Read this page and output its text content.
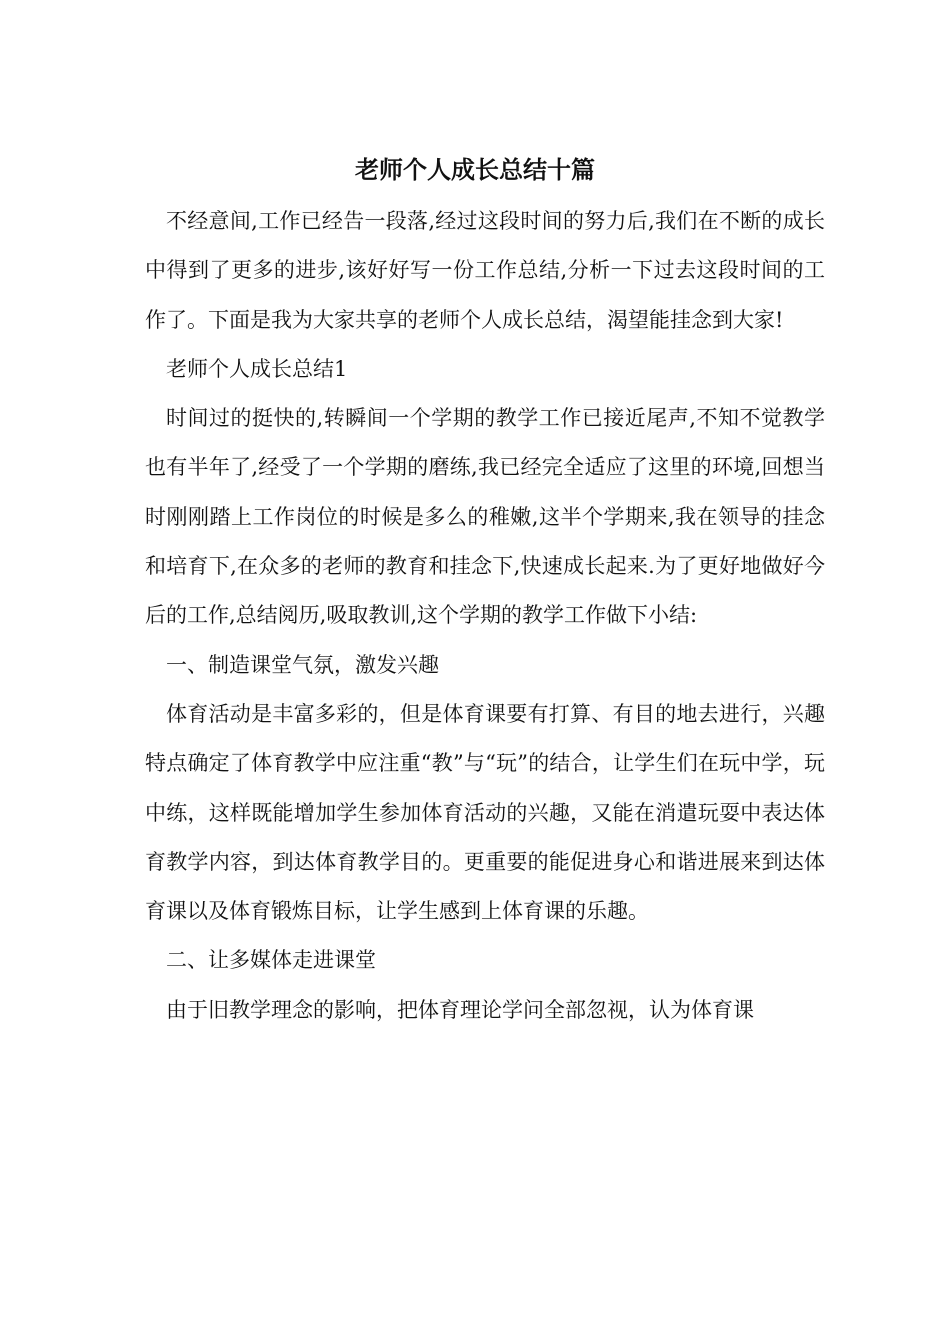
老师个人成长总结十篇

不经意间,工作已经告一段落,经过这段时间的努力后,我们在不断的成长中得到了更多的进步,该好好写一份工作总结,分析一下过去这段时间的工作了。下面是我为大家共享的老师个人成长总结，渴望能挂念到大家!

老师个人成长总结1

时间过的挺快的,转瞬间一个学期的教学工作已接近尾声,不知不觉教学也有半年了,经受了一个学期的磨练,我已经完全适应了这里的环境,回想当时刚刚踏上工作岗位的时候是多么的稚嫩,这半个学期来,我在领导的挂念和培育下,在众多的老师的教育和挂念下,快速成长起来.为了更好地做好今后的工作,总结阅历,吸取教训,这个学期的教学工作做下小结:

一、制造课堂气氛，激发兴趣

体育活动是丰富多彩的，但是体育课要有打算、有目的地去进行，兴趣特点确定了体育教学中应注重“教”与“玩”的结合，让学生们在玩中学，玩中练，这样既能增加学生参加体育活动的兴趣，又能在消遣玩耍中表达体育教学内容，到达体育教学目的。更重要的能促进身心和谐进展来到达体育课以及体育锻炼目标，让学生感到上体育课的乐趣。

二、让多媒体走进课堂

由于旧教学理念的影响，把体育理论学问全部忽视，认为体育课
